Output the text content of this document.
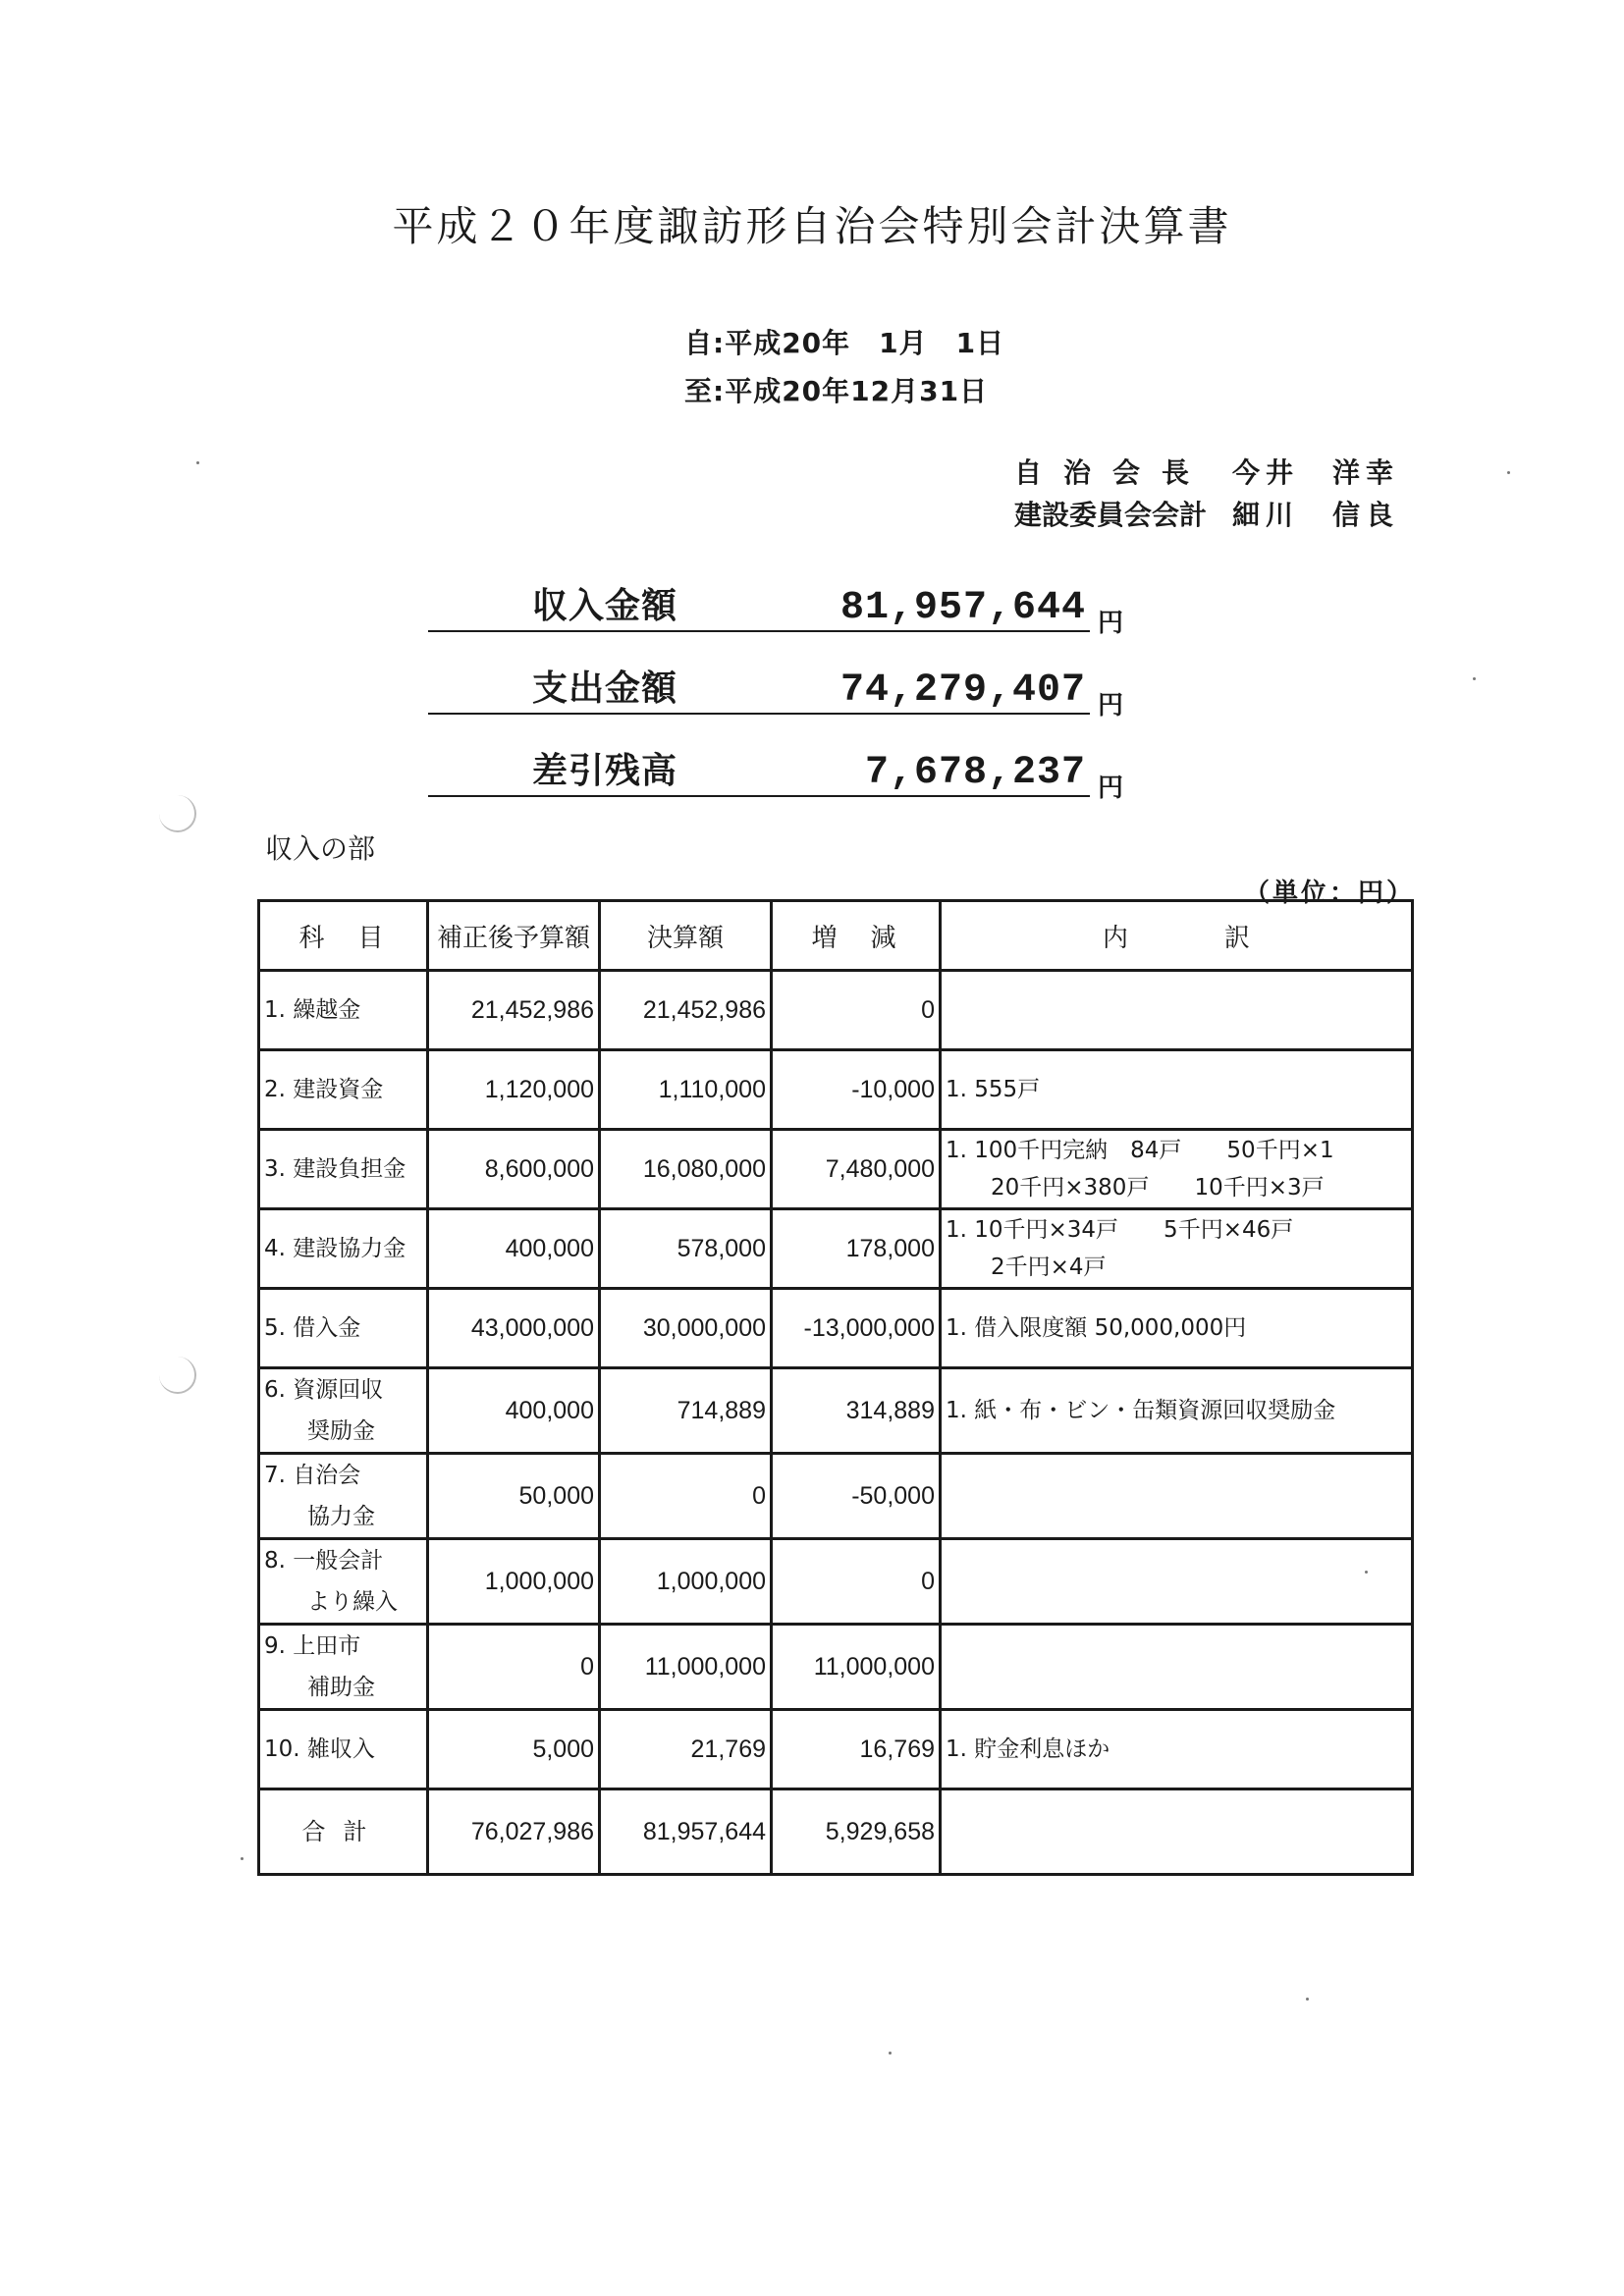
平成２０年度諏訪形自治会特別会計決算書
自:平成20年　1月　1日
至:平成20年12月31日
自治会長 今井　洋幸
建設委員会会計 細川　信良
収入金額	81,957,644 円
支出金額	74,279,407 円
差引残高	7,678,237 円
収入の部
（単位：円）
科　目	補正後予算額	決算額	増　減	内　訳

1. 繰越金	21,452,986	21,452,986	0	

2. 建設資金	1,120,000	1,110,000	-10,000	1. 555戸

3. 建設負担金	8,600,000	16,080,000	7,480,000	1. 100千円完納　84戸　　50千円×1
　　20千円×380戸　　10千円×3戸

4. 建設協力金	400,000	578,000	178,000	1. 10千円×34戸　　5千円×46戸
　　2千円×4戸

5. 借入金	43,000,000	30,000,000	-13,000,000	1. 借入限度額 50,000,000円

6. 資源回収
奨励金	400,000	714,889	314,889	1. 紙・布・ビン・缶類資源回収奨励金

7. 自治会
協力金	50,000	0	-50,000	

8. 一般会計
より繰入	1,000,000	1,000,000	0	

9. 上田市
補助金	0	11,000,000	11,000,000	

10. 雑収入	5,000	21,769	16,769	1. 貯金利息ほか
合計	76,027,986	81,957,644	5,929,658	
